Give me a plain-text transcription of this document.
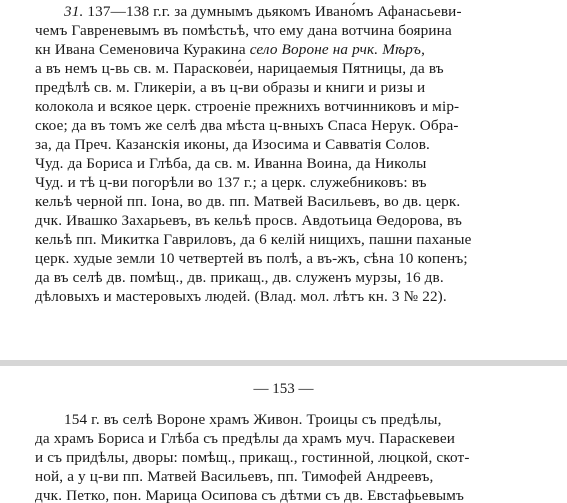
31. 137—138 г.г. за думнымъ дьякомъ Ивано́мъ Афанасьеви-
чемъ Гавреневымъ въ помѣстьѣ, что ему дана вотчина боярина
кн Ивана Семеновича Куракина село Вороне на рчк. Мѣръ,
а въ немъ ц-вь св. м. Параскове́и, нарицаемыя Пятницы, да въ
предѣлѣ св. м. Гликерiи, а въ ц-ви образы и книги и ризы и
колокола и всякое церк. строенiе прежнихъ вотчинниковъ и мiр-
ское; да въ томъ же селѣ два мѣста ц-вныхъ Спаса Нерук. Обра-
за, да Преч. Казанскiя иконы, да Изосима и Савватiя Солов.
Чуд. да Бориса и Глѣба, да св. м. Иванна Воина, да Николы
Чуд. и тѣ ц-ви погорѣли во 137 г.; а церк. служебниковъ: въ
кельѣ черной пп. Iона, во дв. пп. Матвей Васильевъ, во дв. церк.
дчк. Ивашко Захарьевъ, въ кельѣ просв. Авдотьица Өедорова, въ
кельѣ пп. Микитка Гавриловъ, да 6 келiй нищихъ, пашни паханые
церк. худые земли 10 четвертей въ полѣ, а въ-жъ, сѣна 10 копенъ;
да въ селѣ дв. помѣщ., дв. прикащ., дв. служенъ мурзы, 16 дв.
дѣловыхъ и мастеровыхъ людей. (Влад. мол. лѣтъ кн. 3 № 22).
— 153 —
154 г. въ селѣ Вороне храмъ Живон. Троицы съ предѣлы,
да храмъ Бориса и Глѣба съ предѣлы да храмъ муч. Параскевеи
и съ придѣлы, дворы: помѣщ., прикащ., гостинной, люцкой, скот-
ной, а у ц-ви пп. Матвей Васильевъ, пп. Тимофей Андреевъ,
дчк. Петко, пон. Марица Осипова съ дѣтми съ дв. Евстафьевымъ
